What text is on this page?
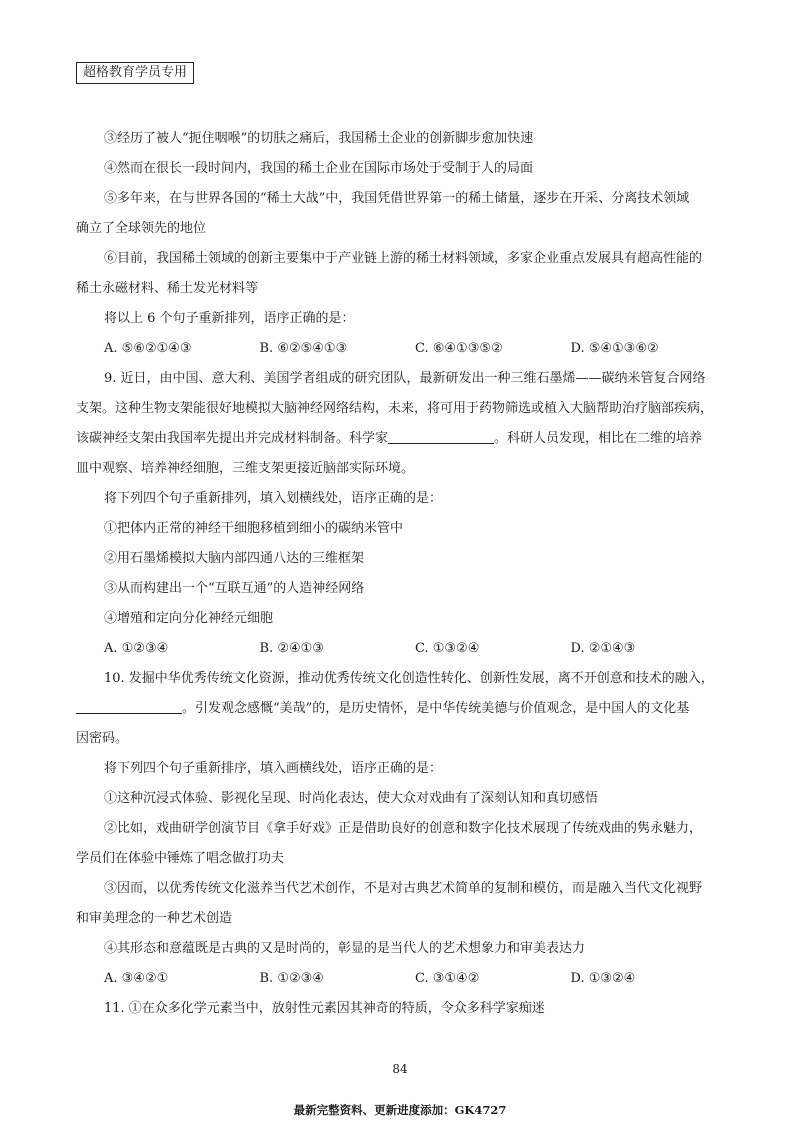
超格教育学员专用
③经历了被人“扼住咽喉”的切肤之痛后，我国稀土企业的创新脚步愈加快速
④然而在很长一段时间内，我国的稀土企业在国际市场处于受制于人的局面
⑤多年来，在与世界各国的“稀土大战”中，我国凭借世界第一的稀土储量，逐步在开采、分离技术领域
确立了全球领先的地位
⑥目前，我国稀土领域的创新主要集中于产业链上游的稀土材料领域，多家企业重点发展具有超高性能的
稀土永磁材料、稀土发光材料等
将以上 6 个句子重新排列，语序正确的是：
A. ⑤⑥②①④③	B. ⑥②⑤④①③	C. ⑥④①③⑤②	D. ⑤④①③⑥②
9. 近日，由中国、意大利、美国学者组成的研究团队，最新研发出一种三维石墨烯——碳纳米管复合网络
支架。这种生物支架能很好地模拟大脑神经网络结构，未来，将可用于药物筛选或植入大脑帮助治疗脑部疾病，
该碳神经支架由我国率先提出并完成材料制备。科学家	。科研人员发现，相比在二维的培养
皿中观察、培养神经细胞，三维支架更接近脑部实际环境。
将下列四个句子重新排列，填入划横线处，语序正确的是：
①把体内正常的神经干细胞移植到细小的碳纳米管中
②用石墨烯模拟大脑内部四通八达的三维框架
③从而构建出一个“互联互通”的人造神经网络
④增殖和定向分化神经元细胞
A. ①②③④	B. ②④①③	C. ①③②④	D. ②①④③
10. 发掘中华优秀传统文化资源，推动优秀传统文化创造性转化、创新性发展，离不开创意和技术的融入，
。引发观念感慨“美哉”的，是历史情怀，是中华传统美德与价值观念，是中国人的文化基
因密码。
将下列四个句子重新排序，填入画横线处，语序正确的是：
①这种沉浸式体验、影视化呈现、时尚化表达，使大众对戏曲有了深刻认知和真切感悟
②比如，戏曲研学创演节目《拿手好戏》正是借助良好的创意和数字化技术展现了传统戏曲的隽永魅力，
学员们在体验中锤炼了唱念做打功夫
③因而，以优秀传统文化滋养当代艺术创作，不是对古典艺术简单的复制和模仿，而是融入当代文化视野
和审美理念的一种艺术创造
④其形态和意蕴既是古典的又是时尚的，彰显的是当代人的艺术想象力和审美表达力
A. ③④②①	B. ①②③④	C. ③①④②	D. ①③②④
11. ①在众多化学元素当中，放射性元素因其神奇的特质，令众多科学家痴迷
84
最新完整资料、更新进度添加：GK4727
